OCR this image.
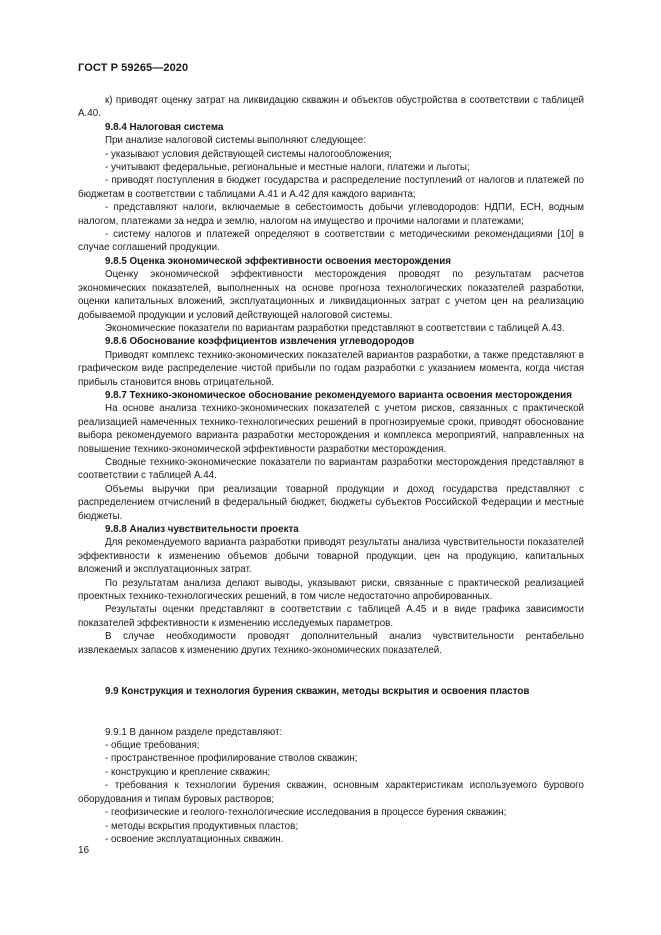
ГОСТ Р 59265—2020

к) приводят оценку затрат на ликвидацию скважин и объектов обустройства в соответствии с таблицей А.40.

9.8.4 Налоговая система

При анализе налоговой системы выполняют следующее:

- указывают условия действующей системы налогообложения;

- учитывают федеральные, региональные и местные налоги, платежи и льготы;

- приводят поступления в бюджет государства и распределение поступлений от налогов и платежей по бюджетам в соответствии с таблицами А.41 и А.42 для каждого варианта;

- представляют налоги, включаемые в себестоимость добычи углеводородов: НДПИ, ЕСН, водным налогом, платежами за недра и землю, налогом на имущество и прочими налогами и платежами;

- систему налогов и платежей определяют в соответствии с методическими рекомендациями [10] в случае соглашений продукции.

9.8.5 Оценка экономической эффективности освоения месторождения

Оценку экономической эффективности месторождения проводят по результатам расчетов экономических показателей, выполненных на основе прогноза технологических показателей разработки, оценки капитальных вложений, эксплуатационных и ликвидационных затрат с учетом цен на реализацию добываемой продукции и условий действующей налоговой системы.

Экономические показатели по вариантам разработки представляют в соответствии с таблицей А.43.

9.8.6 Обоснование коэффициентов извлечения углеводородов

Приводят комплекс технико-экономических показателей вариантов разработки, а также представляют в графическом виде распределение чистой прибыли по годам разработки с указанием момента, когда чистая прибыль становится вновь отрицательной.

9.8.7 Технико-экономическое обоснование рекомендуемого варианта освоения месторождения

На основе анализа технико-экономических показателей с учетом рисков, связанных с практической реализацией намеченных технико-технологических решений в прогнозируемые сроки, приводят обоснование выбора рекомендуемого варианта разработки месторождения и комплекса мероприятий, направленных на повышение технико-экономической эффективности разработки месторождения.

Сводные технико-экономические показатели по вариантам разработки месторождения представляют в соответствии с таблицей А.44.

Объемы выручки при реализации товарной продукции и доход государства представляют с распределением отчислений в федеральный бюджет, бюджеты субъектов Российской Федерации и местные бюджеты.

9.8.8 Анализ чувствительности проекта

Для рекомендуемого варианта разработки приводят результаты анализа чувствительности показателей эффективности к изменению объемов добычи товарной продукции, цен на продукцию, капитальных вложений и эксплуатационных затрат.

По результатам анализа делают выводы, указывают риски, связанные с практической реализацией проектных технико-технологических решений, в том числе недостаточно апробированных.

Результаты оценки представляют в соответствии с таблицей А.45 и в виде графика зависимости показателей эффективности к изменению исследуемых параметров.

В случае необходимости проводят дополнительный анализ чувствительности рентабельно извлекаемых запасов к изменению других технико-экономических показателей.

9.9 Конструкция и технология бурения скважин, методы вскрытия и освоения пластов

9.9.1 В данном разделе представляют:

- общие требования;

- пространственное профилирование стволов скважин;

- конструкцию и крепление скважин;

- требования к технологии бурения скважин, основным характеристикам используемого бурового оборудования и типам буровых растворов;

- геофизические и геолого-технологические исследования в процессе бурения скважин;

- методы вскрытия продуктивных пластов;

- освоение эксплуатационных скважин.

16
